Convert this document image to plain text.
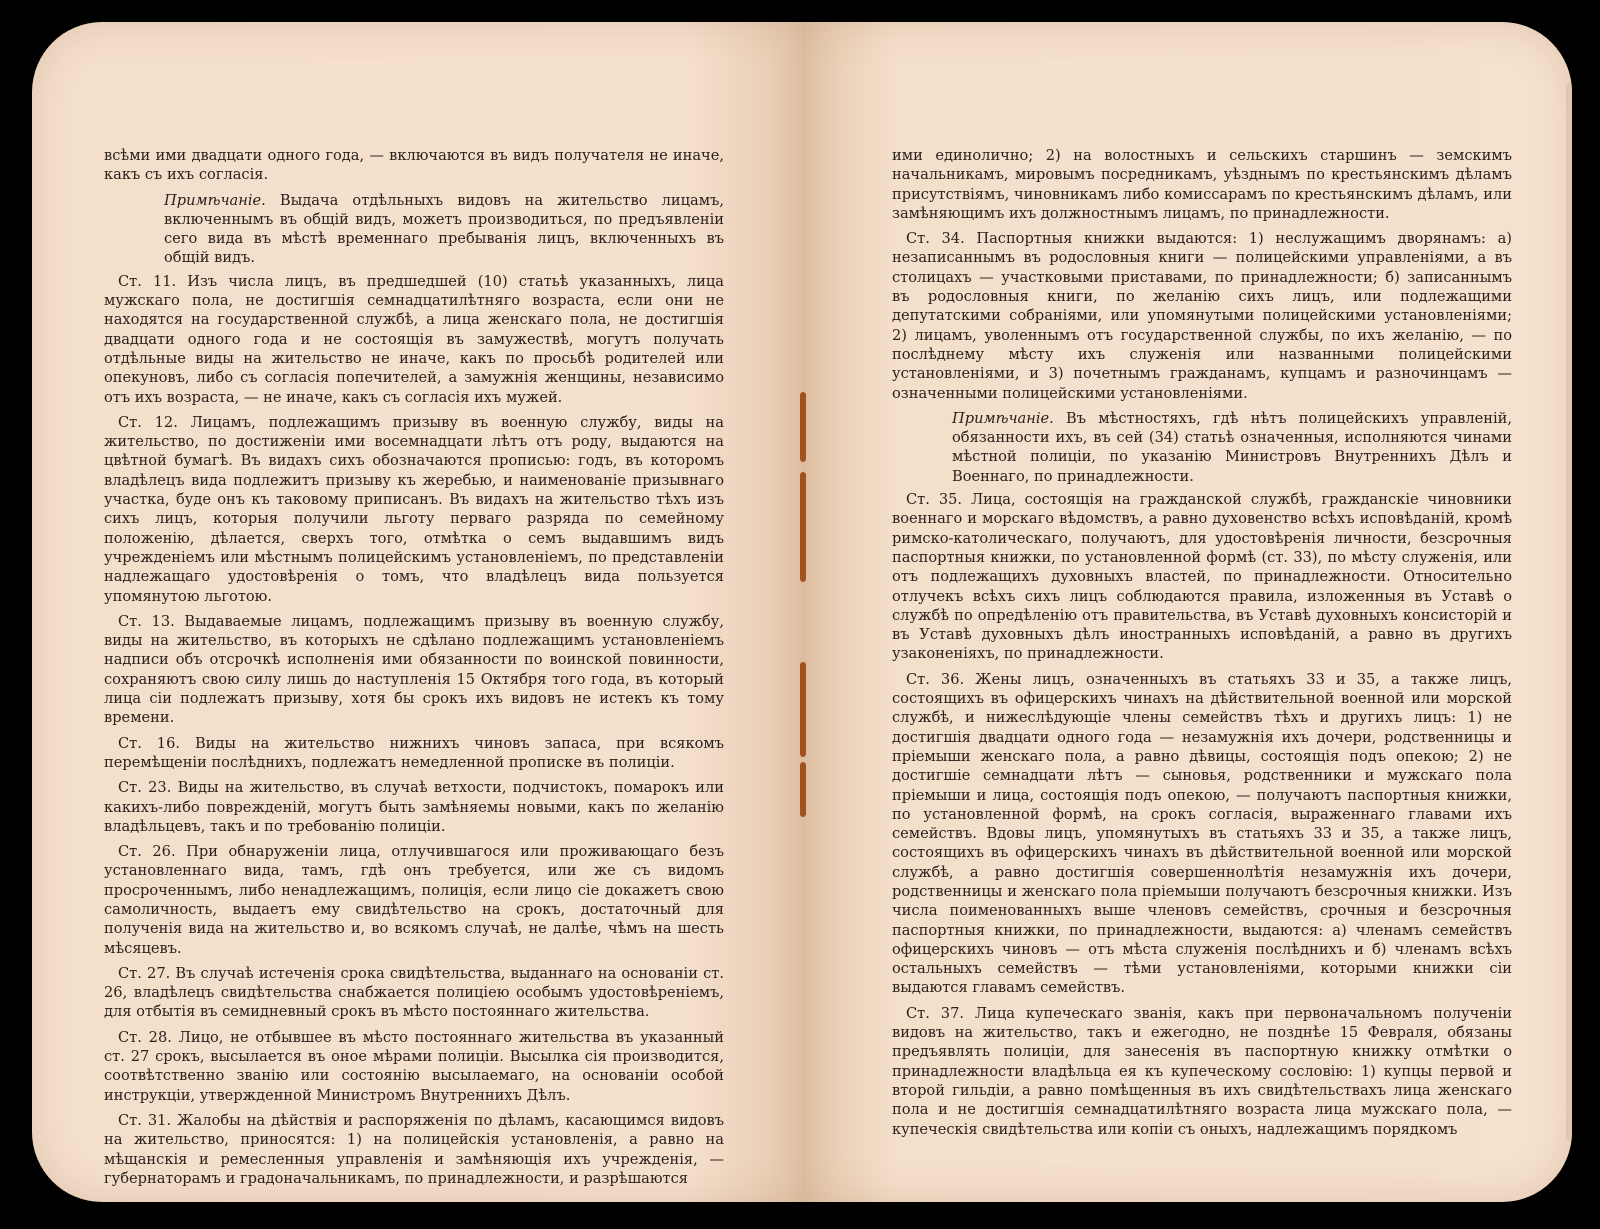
всѣми ими двадцати одного года, — включаются въ видъ получателя не иначе, какъ съ ихъ согласія.

Примѣчаніе. Выдача отдѣльныхъ видовъ на жительство лицамъ, включеннымъ въ общій видъ, можетъ производиться, по предъявленіи сего вида въ мѣстѣ временнаго пребыванія лицъ, включенныхъ въ общій видъ.

Ст. 11. Изъ числа лицъ, въ предшедшей (10) статьѣ указанныхъ, лица мужскаго пола, не достигшія семнадцатилѣтняго возраста, если они не находятся на государственной службѣ, а лица женскаго пола, не достигшія двадцати одного года и не состоящія въ замужествѣ, могутъ получать отдѣльные виды на жительство не иначе, какъ по просьбѣ родителей или опекуновъ, либо съ согласія попечителей, а замужнія женщины, независимо отъ ихъ возраста, — не иначе, какъ съ согласія ихъ мужей.

Ст. 12. Лицамъ, подлежащимъ призыву въ военную службу, виды на жительство, по достиженіи ими восемнадцати лѣтъ отъ роду, выдаются на цвѣтной бумагѣ. Въ видахъ сихъ обозначаются прописью: годъ, въ которомъ владѣлецъ вида подлежитъ призыву къ жеребью, и наименованіе призывнаго участка, буде онъ къ таковому приписанъ. Въ видахъ на жительство тѣхъ изъ сихъ лицъ, которыя получили льготу перваго разряда по семейному положенію, дѣлается, сверхъ того, отмѣтка о семъ выдавшимъ видъ учрежденіемъ или мѣстнымъ полицейскимъ установленіемъ, по представленіи надлежащаго удостовѣренія о томъ, что владѣлецъ вида пользуется упомянутою льготою.

Ст. 13. Выдаваемые лицамъ, подлежащимъ призыву въ военную службу, виды на жительство, въ которыхъ не сдѣлано подлежащимъ установленіемъ надписи объ отсрочкѣ исполненія ими обязанности по воинской повинности, сохраняютъ свою силу лишь до наступленія 15 Октября того года, въ который лица сіи подлежатъ призыву, хотя бы срокъ ихъ видовъ не истекъ къ тому времени.

Ст. 16. Виды на жительство нижнихъ чиновъ запаса, при всякомъ перемѣщеніи послѣднихъ, подлежатъ немедленной прописке въ полиціи.

Ст. 23. Виды на жительство, въ случаѣ ветхости, подчистокъ, помарокъ или какихъ-либо поврежденій, могутъ быть замѣняемы новыми, какъ по желанію владѣльцевъ, такъ и по требованію полиціи.

Ст. 26. При обнаруженіи лица, отлучившагося или проживающаго безъ установленнаго вида, тамъ, гдѣ онъ требуется, или же съ видомъ просроченнымъ, либо ненадлежащимъ, полиція, если лицо сіе докажетъ свою самоличность, выдаетъ ему свидѣтельство на срокъ, достаточный для полученія вида на жительство и, во всякомъ случаѣ, не далѣе, чѣмъ на шесть мѣсяцевъ.

Ст. 27. Въ случаѣ истеченія срока свидѣтельства, выданнаго на основаніи ст. 26, владѣлецъ свидѣтельства снабжается полиціею особымъ удостовѣреніемъ, для отбытія въ семидневный срокъ въ мѣсто постояннаго жительства.

Ст. 28. Лицо, не отбывшее въ мѣсто постояннаго жительства въ указанный ст. 27 срокъ, высылается въ оное мѣрами полиціи. Высылка сія производится, соотвѣтственно званію или состоянію высылаемаго, на основаніи особой инструкціи, утвержденной Министромъ Внутреннихъ Дѣлъ.

Ст. 31. Жалобы на дѣйствія и распоряженія по дѣламъ, касающимся видовъ на жительство, приносятся: 1) на полицейскія установленія, а равно на мѣщанскія и ремесленныя управленія и замѣняющія ихъ учрежденія, — губернаторамъ и градоначальникамъ, по принадлежности, и разрѣшаются

ими единолично; 2) на волостныхъ и сельскихъ старшинъ — земскимъ начальникамъ, мировымъ посредникамъ, уѣзднымъ по крестьянскимъ дѣламъ присутствіямъ, чиновникамъ либо комиссарамъ по крестьянскимъ дѣламъ, или замѣняющимъ ихъ должностнымъ лицамъ, по принадлежности.

Ст. 34. Паспортныя книжки выдаются: 1) неслужащимъ дворянамъ: а) незаписаннымъ въ родословныя книги — полицейскими управленіями, а въ столицахъ — участковыми приставами, по принадлежности; б) записаннымъ въ родословныя книги, по желанію сихъ лицъ, или подлежащими депутатскими собраніями, или упомянутыми полицейскими установленіями; 2) лицамъ, уволеннымъ отъ государственной службы, по ихъ желанію, — по послѣднему мѣсту ихъ служенія или названными полицейскими установленіями, и 3) почетнымъ гражданамъ, купцамъ и разночинцамъ — означенными полицейскими установленіями.

Примѣчаніе. Въ мѣстностяхъ, гдѣ нѣтъ полицейскихъ управленій, обязанности ихъ, въ сей (34) статьѣ означенныя, исполняются чинами мѣстной полиціи, по указанію Министровъ Внутреннихъ Дѣлъ и Военнаго, по принадлежности.

Ст. 35. Лица, состоящія на гражданской службѣ, гражданскіе чиновники военнаго и морскаго вѣдомствъ, а равно духовенство всѣхъ исповѣданій, кромѣ римско-католическаго, получаютъ, для удостовѣренія личности, безсрочныя паспортныя книжки, по установленной формѣ (ст. 33), по мѣсту служенія, или отъ подлежащихъ духовныхъ властей, по принадлежности. Относительно отлучекъ всѣхъ сихъ лицъ соблюдаются правила, изложенныя въ Уставѣ о службѣ по опредѣленію отъ правительства, въ Уставѣ духовныхъ консисторій и въ Уставѣ духовныхъ дѣлъ иностранныхъ исповѣданій, а равно въ другихъ узаконеніяхъ, по принадлежности.

Ст. 36. Жены лицъ, означенныхъ въ статьяхъ 33 и 35, а также лицъ, состоящихъ въ офицерскихъ чинахъ на дѣйствительной военной или морской службѣ, и нижеслѣдующіе члены семействъ тѣхъ и другихъ лицъ: 1) не достигшія двадцати одного года — незамужнія ихъ дочери, родственницы и пріемыши женскаго пола, а равно дѣвицы, состоящія подъ опекою; 2) не достигшіе семнадцати лѣтъ — сыновья, родственники и мужскаго пола пріемыши и лица, состоящія подъ опекою, — получаютъ паспортныя книжки, по установленной формѣ, на срокъ согласія, выраженнаго главами ихъ семействъ. Вдовы лицъ, упомянутыхъ въ статьяхъ 33 и 35, а также лицъ, состоящихъ въ офицерскихъ чинахъ въ дѣйствительной военной или морской службѣ, а равно достигшія совершеннолѣтія незамужнія ихъ дочери, родственницы и женскаго пола пріемыши получаютъ безсрочныя книжки. Изъ числа поименованныхъ выше членовъ семействъ, срочныя и безсрочныя паспортныя книжки, по принадлежности, выдаются: а) членамъ семействъ офицерскихъ чиновъ — отъ мѣста служенія послѣднихъ и б) членамъ всѣхъ остальныхъ семействъ — тѣми установленіями, которыми книжки сіи выдаются главамъ семействъ.

Ст. 37. Лица купеческаго званія, какъ при первоначальномъ полученіи видовъ на жительство, такъ и ежегодно, не позднѣе 15 Февраля, обязаны предъявлять полиціи, для занесенія въ паспортную книжку отмѣтки о принадлежности владѣльца ея къ купеческому сословію: 1) купцы первой и второй гильдіи, а равно помѣщенныя въ ихъ свидѣтельствахъ лица женскаго пола и не достигшія семнадцатилѣтняго возраста лица мужскаго пола, — купеческія свидѣтельства или копіи съ оныхъ, надлежащимъ порядкомъ
